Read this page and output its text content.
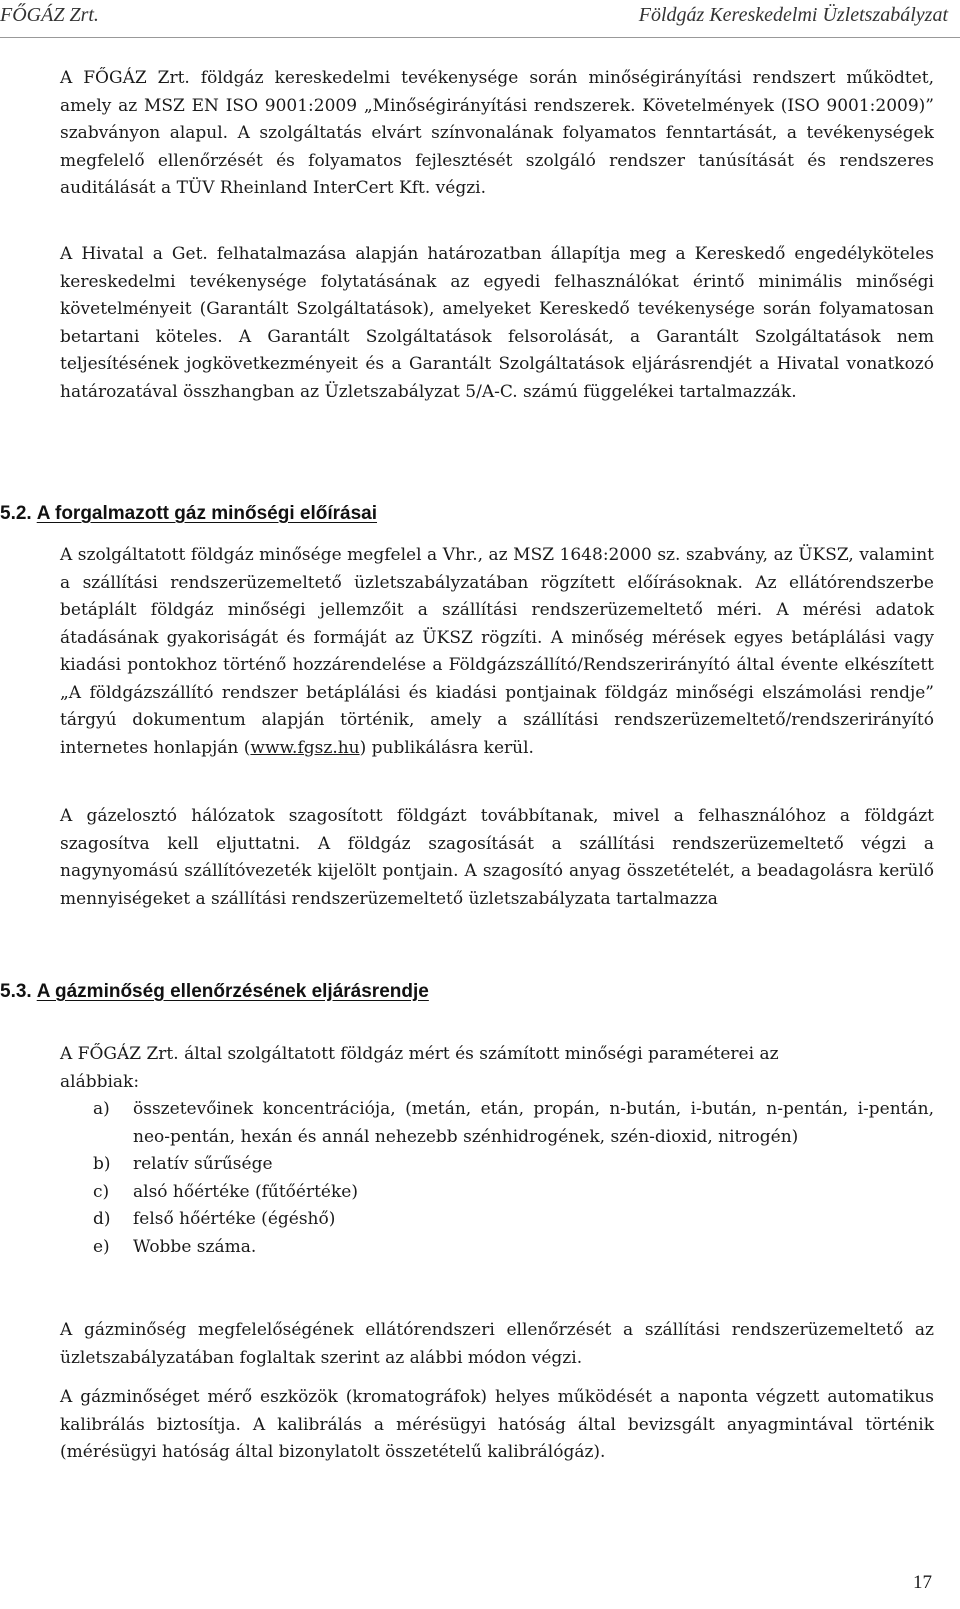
FŐGÁZ Zrt.	Földgáz Kereskedelmi Üzletszabályzat
A FŐGÁZ Zrt. földgáz kereskedelmi tevékenysége során minőségirányítási rendszert működtet, amely az MSZ EN ISO 9001:2009 „Minőségirányítási rendszerek. Követelmények (ISO 9001:2009)” szabványon alapul. A szolgáltatás elvárt színvonalának folyamatos fenntartását, a tevékenységek megfelelő ellenőrzését és folyamatos fejlesztését szolgáló rendszer tanúsítását és rendszeres auditálását a TÜV Rheinland InterCert Kft. végzi.
A Hivatal a Get. felhatalmazása alapján határozatban állapítja meg a Kereskedő engedélyköteles kereskedelmi tevékenysége folytatásának az egyedi felhasználókat érintő minimális minőségi követelményeit (Garantált Szolgáltatások), amelyeket Kereskedő tevékenysége során folyamatosan betartani köteles. A Garantált Szolgáltatások felsorolását, a Garantált Szolgáltatások nem teljesítésének jogkövetkezményeit és a Garantált Szolgáltatások eljárásrendjét a Hivatal vonatkozó határozatával összhangban az Üzletszabályzat 5/A-C. számú függelékei tartalmazzák.
5.2. A forgalmazott gáz minőségi előírásai
A szolgáltatott földgáz minősége megfelel a Vhr., az MSZ 1648:2000 sz. szabvány, az ÜKSZ, valamint a szállítási rendszerüzemeltető üzletszabályzatában rögzített előírásoknak. Az ellátórendszerbe betáplált földgáz minőségi jellemzőit a szállítási rendszerüzemeltető méri. A mérési adatok átadásának gyakoriságát és formáját az ÜKSZ rögzíti. A minőség mérések egyes betáplálási vagy kiadási pontokhoz történő hozzárendelése a Földgázszállító/Rendszerirányító által évente elkészített „A földgázszállító rendszer betáplálási és kiadási pontjainak földgáz minőségi elszámolási rendje” tárgyú dokumentum alapján történik, amely a szállítási rendszerüzemeltető/rendszerirányító internetes honlapján (www.fgsz.hu) publikálásra kerül.
A gázelosztó hálózatok szagosított földgázt továbbítanak, mivel a felhasználóhoz a földgázt szagosítva kell eljuttatni. A földgáz szagosítását a szállítási rendszerüzemeltető végzi a nagynyomású szállítóvezeték kijelölt pontjain. A szagosító anyag összetételét, a beadagolásra kerülő mennyiségeket a szállítási rendszerüzemeltető üzletszabályzata tartalmazza
5.3. A gázminőség ellenőrzésének eljárásrendje
A FŐGÁZ Zrt. által szolgáltatott földgáz mért és számított minőségi paraméterei az alábbiak:
a)	összetevőinek koncentrációja, (metán, etán, propán, n-bután, i-bután, n-pentán, i-pentán, neo-pentán, hexán és annál nehezebb szénhidrogének, szén-dioxid, nitrogén)
b)	relatív sűrűsége
c)	alsó hőértéke (fűtőértéke)
d)	felső hőértéke (égéshő)
e)	Wobbe száma.
A gázminőség megfelelőségének ellátórendszeri ellenőrzését a szállítási rendszerüzemeltető az üzletszabályzatában foglaltak szerint az alábbi módon végzi.
A gázminőséget mérő eszközök (kromatográfok) helyes működését a naponta végzett automatikus kalibrálás biztosítja. A kalibrálás a mérésügyi hatóság által bevizsgált anyagmintával történik (mérésügyi hatóság által bizonylatolt összetételű kalibrálógáz).
17
